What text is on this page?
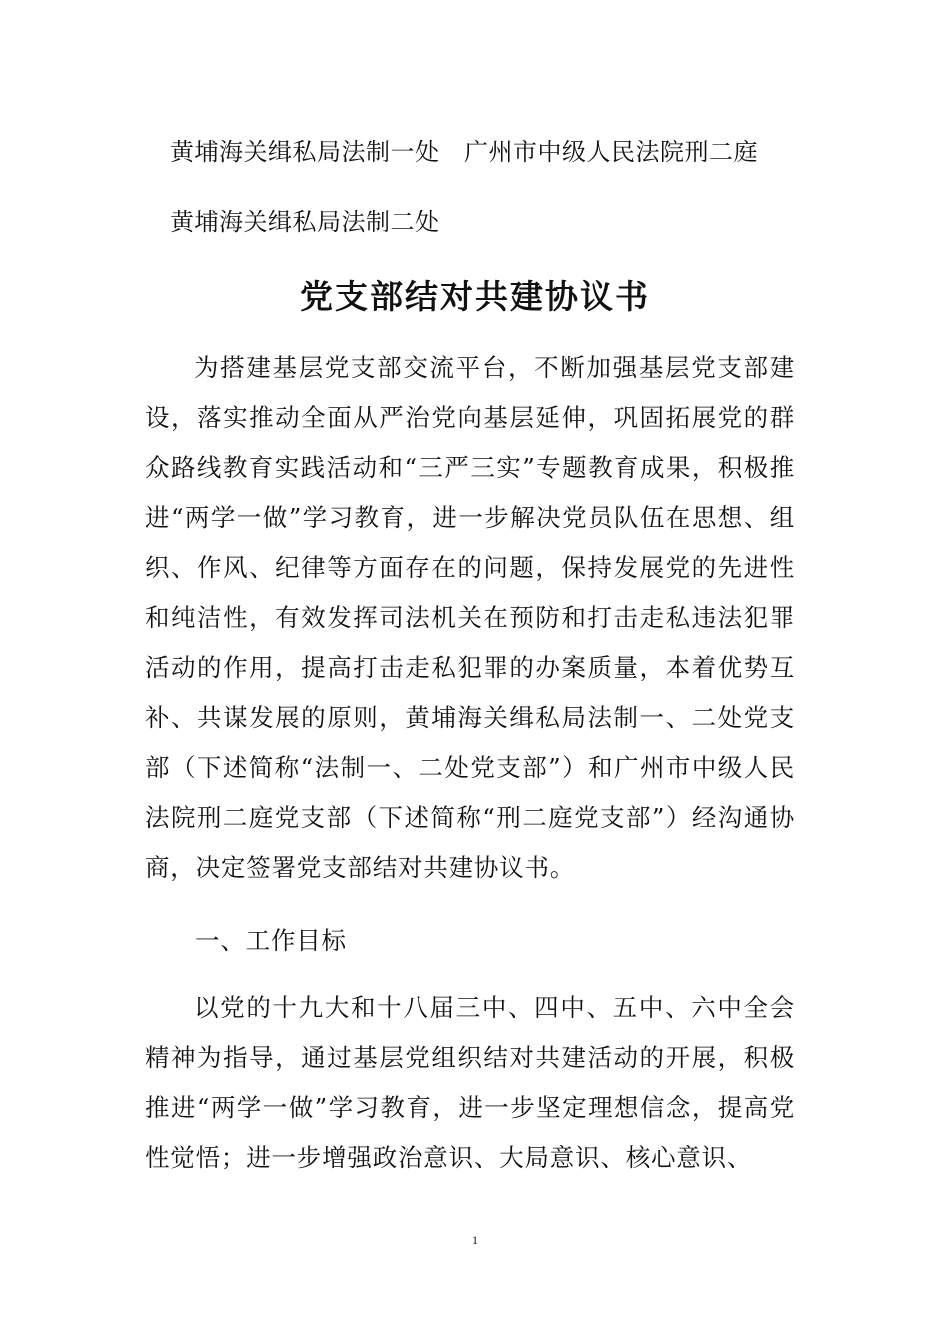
黄埔海关缉私局法制一处　广州市中级人民法院刑二庭
黄埔海关缉私局法制二处
党支部结对共建协议书

为搭建基层党支部交流平台，不断加强基层党支部建设，落实推动全面从严治党向基层延伸，巩固拓展党的群众路线教育实践活动和“三严三实”专题教育成果，积极推进“两学一做”学习教育，进一步解决党员队伍在思想、组织、作风、纪律等方面存在的问题，保持发展党的先进性和纯洁性，有效发挥司法机关在预防和打击走私违法犯罪活动的作用，提高打击走私犯罪的办案质量，本着优势互补、共谋发展的原则，黄埔海关缉私局法制一、二处党支部（下述简称“法制一、二处党支部”）和广州市中级人民法院刑二庭党支部（下述简称“刑二庭党支部”）经沟通协商，决定签署党支部结对共建协议书。

一、工作目标

以党的十九大和十八届三中、四中、五中、六中全会精神为指导，通过基层党组织结对共建活动的开展，积极推进“两学一做”学习教育，进一步坚定理想信念，提高党性觉悟；进一步增强政治意识、大局意识、核心意识、

1
